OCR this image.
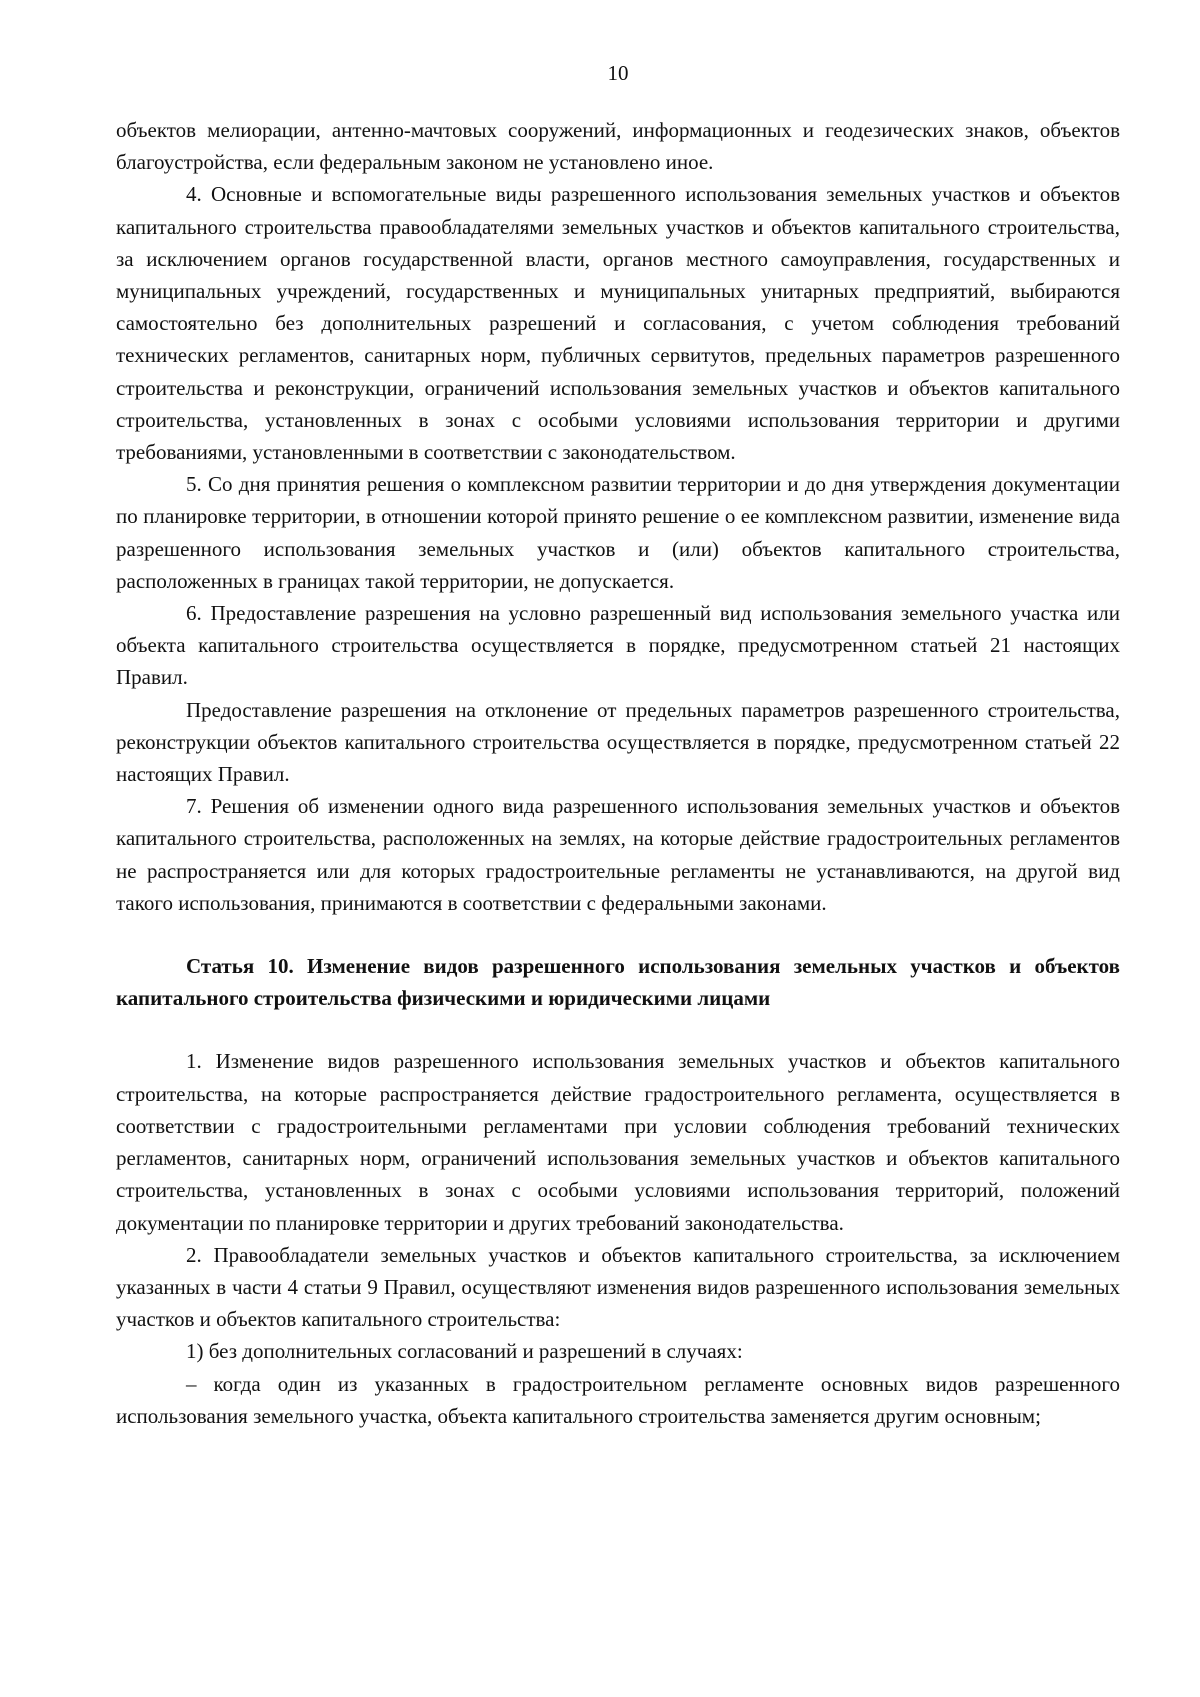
10

объектов мелиорации, антенно-мачтовых сооружений, информационных и геодезических знаков, объектов благоустройства, если федеральным законом не установлено иное.

4. Основные и вспомогательные виды разрешенного использования земельных участков и объектов капитального строительства правообладателями земельных участков и объектов капитального строительства, за исключением органов государственной власти, органов местного самоуправления, государственных и муниципальных учреждений, государственных и муниципальных унитарных предприятий, выбираются самостоятельно без дополнительных разрешений и согласования, с учетом соблюдения требований технических регламентов, санитарных норм, публичных сервитутов, предельных параметров разрешенного строительства и реконструкции, ограничений использования земельных участков и объектов капитального строительства, установленных в зонах с особыми условиями использования территории и другими требованиями, установленными в соответствии с законодательством.

5. Со дня принятия решения о комплексном развитии территории и до дня утверждения документации по планировке территории, в отношении которой принято решение о ее комплексном развитии, изменение вида разрешенного использования земельных участков и (или) объектов капитального строительства, расположенных в границах такой территории, не допускается.

6. Предоставление разрешения на условно разрешенный вид использования земельного участка или объекта капитального строительства осуществляется в порядке, предусмотренном статьей 21 настоящих Правил.

Предоставление разрешения на отклонение от предельных параметров разрешенного строительства, реконструкции объектов капитального строительства осуществляется в порядке, предусмотренном статьей 22 настоящих Правил.

7. Решения об изменении одного вида разрешенного использования земельных участков и объектов капитального строительства, расположенных на землях, на которые действие градостроительных регламентов не распространяется или для которых градостроительные регламенты не устанавливаются, на другой вид такого использования, принимаются в соответствии с федеральными законами.

Статья 10. Изменение видов разрешенного использования земельных участков и объектов капитального строительства физическими и юридическими лицами

1. Изменение видов разрешенного использования земельных участков и объектов капитального строительства, на которые распространяется действие градостроительного регламента, осуществляется в соответствии с градостроительными регламентами при условии соблюдения требований технических регламентов, санитарных норм, ограничений использования земельных участков и объектов капитального строительства, установленных в зонах с особыми условиями использования территорий, положений документации по планировке территории и других требований законодательства.

2. Правообладатели земельных участков и объектов капитального строительства, за исключением указанных в части 4 статьи 9 Правил, осуществляют изменения видов разрешенного использования земельных участков и объектов капитального строительства:

1) без дополнительных согласований и разрешений в случаях:

– когда один из указанных в градостроительном регламенте основных видов разрешенного использования земельного участка, объекта капитального строительства заменяется другим основным;
